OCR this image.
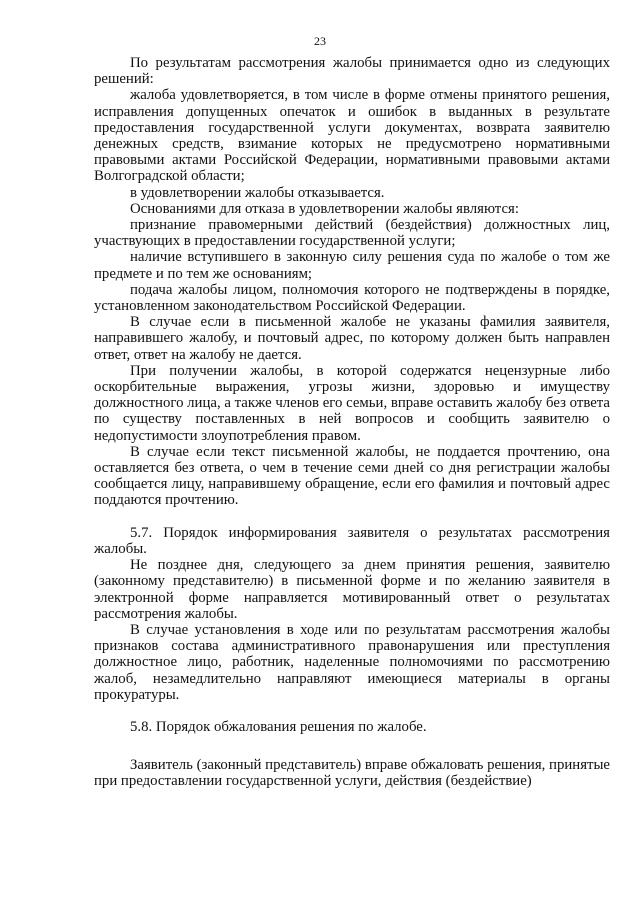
23

По результатам рассмотрения жалобы принимается одно из следующих решений:

жалоба удовлетворяется, в том числе в форме отмены принятого решения, исправления допущенных опечаток и ошибок в выданных в результате предоставления государственной услуги документах, возврата заявителю денежных средств, взимание которых не предусмотрено нормативными правовыми актами Российской Федерации, нормативными правовыми актами Волгоградской области;

в удовлетворении жалобы отказывается.

Основаниями для отказа в удовлетворении жалобы являются:

признание правомерными действий (бездействия) должностных лиц, участвующих в предоставлении государственной услуги;

наличие вступившего в законную силу решения суда по жалобе о том же предмете и по тем же основаниям;

подача жалобы лицом, полномочия которого не подтверждены в порядке, установленном законодательством Российской Федерации.

В случае если в письменной жалобе не указаны фамилия заявителя, направившего жалобу, и почтовый адрес, по которому должен быть направлен ответ, ответ на жалобу не дается.

При получении жалобы, в которой содержатся нецензурные либо оскорбительные выражения, угрозы жизни, здоровью и имуществу должностного лица, а также членов его семьи, вправе оставить жалобу без ответа по существу поставленных в ней вопросов и сообщить заявителю о недопустимости злоупотребления правом.

В случае если текст письменной жалобы, не поддается прочтению, она оставляется без ответа, о чем в течение семи дней со дня регистрации жалобы сообщается лицу, направившему обращение, если его фамилия и почтовый адрес поддаются прочтению.

5.7. Порядок информирования заявителя о результатах рассмотрения жалобы.

Не позднее дня, следующего за днем принятия решения, заявителю (законному представителю) в письменной форме и по желанию заявителя в электронной форме направляется мотивированный ответ о результатах рассмотрения жалобы.

В случае установления в ходе или по результатам рассмотрения жалобы признаков состава административного правонарушения или преступления должностное лицо, работник, наделенные полномочиями по рассмотрению жалоб, незамедлительно направляют имеющиеся материалы в органы прокуратуры.

5.8. Порядок обжалования решения по жалобе.

Заявитель (законный представитель) вправе обжаловать решения, принятые при предоставлении государственной услуги, действия (бездействие)
